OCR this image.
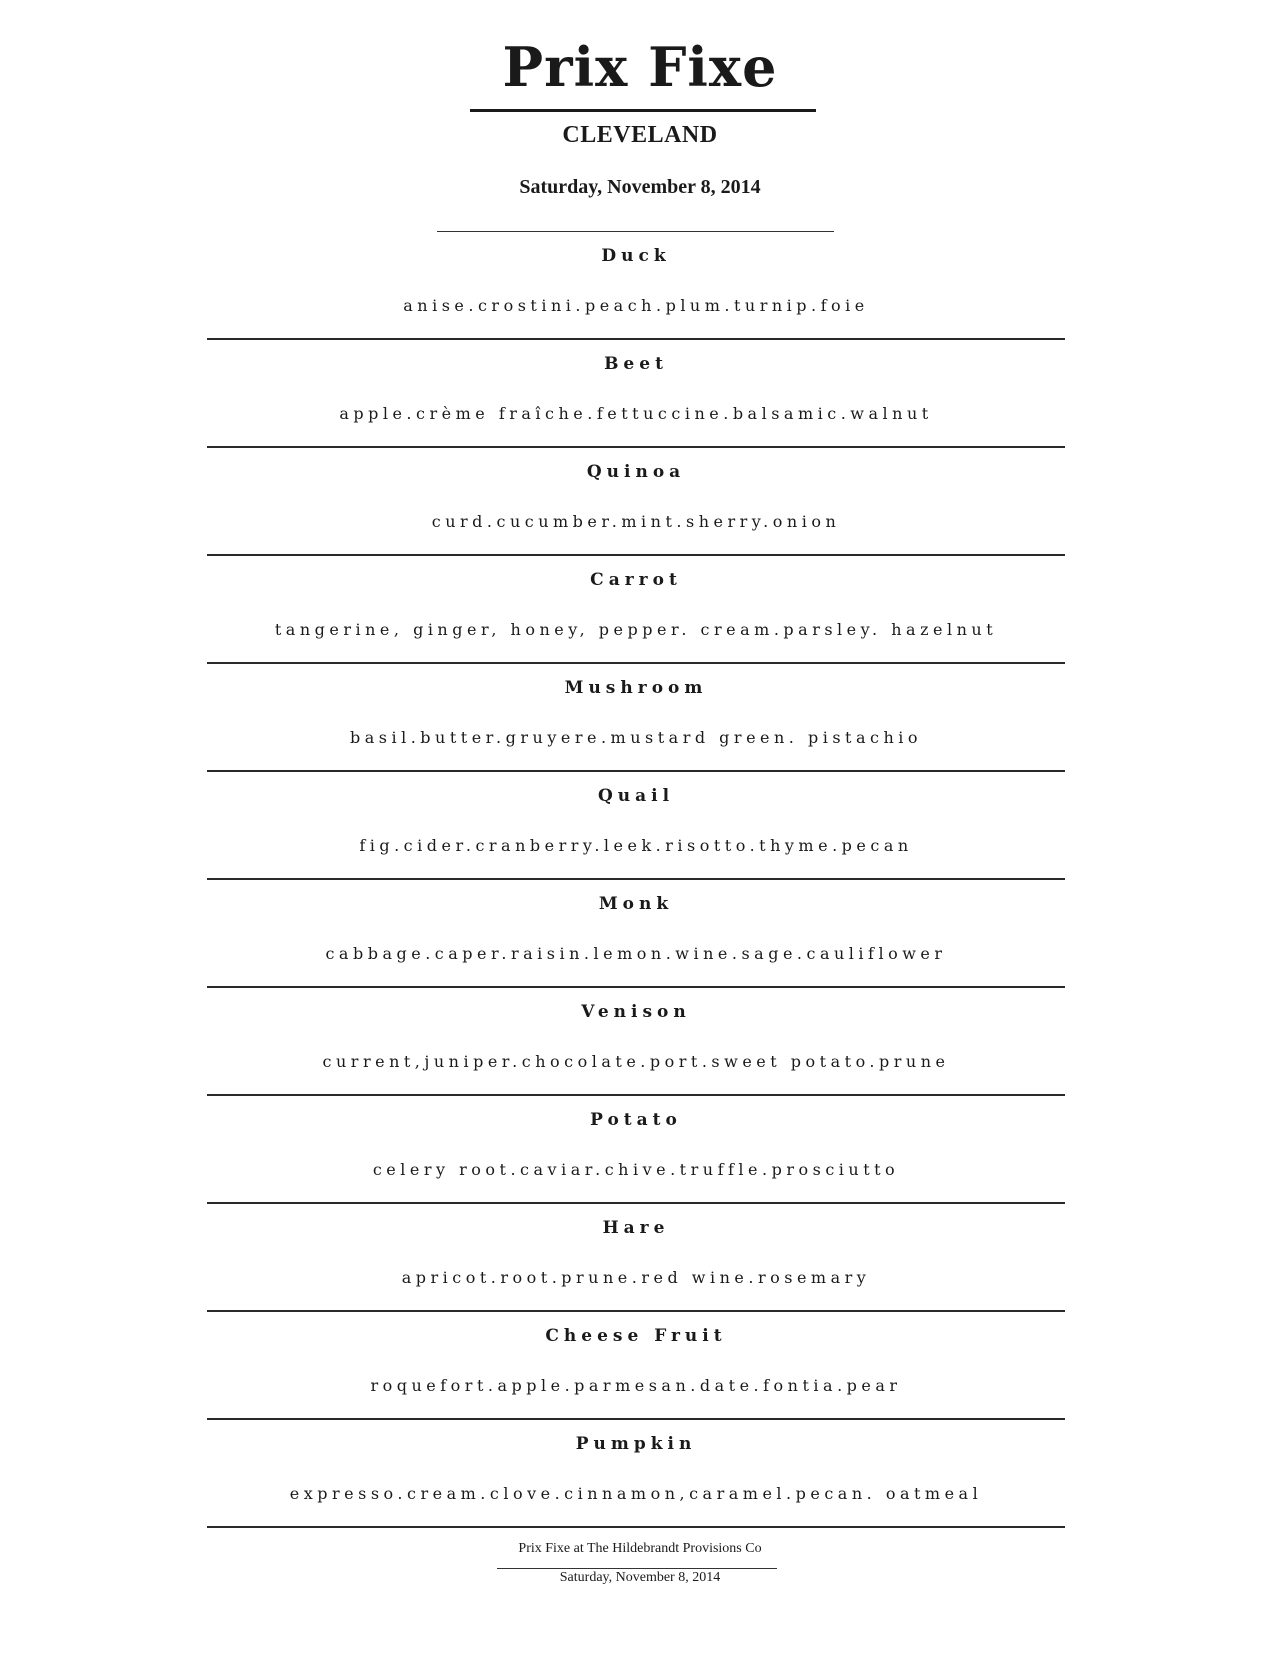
Prix Fixe
CLEVELAND
Saturday, November 8, 2014
Duck
anise.crostini.peach.plum.turnip.foie
Beet
apple.crème fraîche.fettuccine.balsamic.walnut
Quinoa
curd.cucumber.mint.sherry.onion
Carrot
tangerine, ginger, honey, pepper. cream.parsley. hazelnut
Mushroom
basil.butter.gruyere.mustard green. pistachio
Quail
fig.cider.cranberry.leek.risotto.thyme.pecan
Monk
cabbage.caper.raisin.lemon.wine.sage.cauliflower
Venison
current,juniper.chocolate.port.sweet potato.prune
Potato
celery root.caviar.chive.truffle.prosciutto
Hare
apricot.root.prune.red wine.rosemary
Cheese Fruit
roquefort.apple.parmesan.date.fontia.pear
Pumpkin
expresso.cream.clove.cinnamon,caramel.pecan. oatmeal
Prix Fixe at The Hildebrandt Provisions Co
Saturday, November 8, 2014
